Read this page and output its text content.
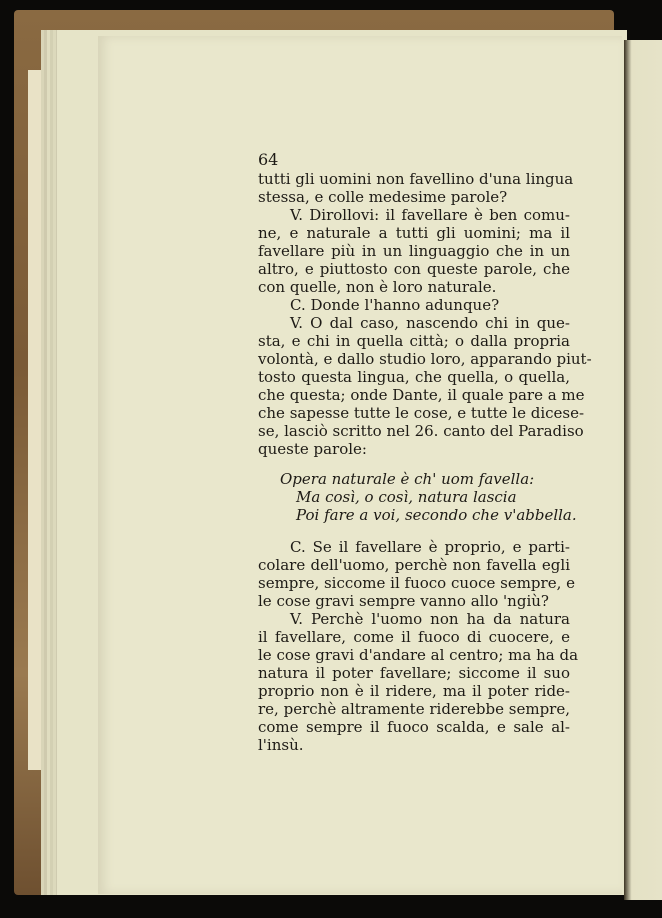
64
tutti gli uomini non favellino d'una lingua
stessa, e colle medesime parole?
V. Dirollovi: il favellare è ben comu-
ne, e naturale a tutti gli uomini; ma il
favellare più in un linguaggio che in un
altro, e piuttosto con queste parole, che
con quelle, non è loro naturale.
C. Donde l'hanno adunque?
V. O dal caso, nascendo chi in que-
sta, e chi in quella città; o dalla propria
volontà, e dallo studio loro, apparando piut-
tosto questa lingua, che quella, o quella,
che questa; onde Dante, il quale pare a me
che sapesse tutte le cose, e tutte le dicese-
se, lasciò scritto nel 26. canto del Paradiso
queste parole:
Opera naturale è ch' uom favella:
Ma così, o così, natura lascia
Poi fare a voi, secondo che v'abbella.
C. Se il favellare è proprio, e parti-
colare dell'uomo, perchè non favella egli
sempre, siccome il fuoco cuoce sempre, e
le cose gravi sempre vanno allo 'ngiù?
V. Perchè l'uomo non ha da natura
il favellare, come il fuoco di cuocere, e
le cose gravi d'andare al centro; ma ha da
natura il poter favellare; siccome il suo
proprio non è il ridere, ma il poter ride-
re, perchè altramente riderebbe sempre,
come sempre il fuoco scalda, e sale al-
l'insù.
